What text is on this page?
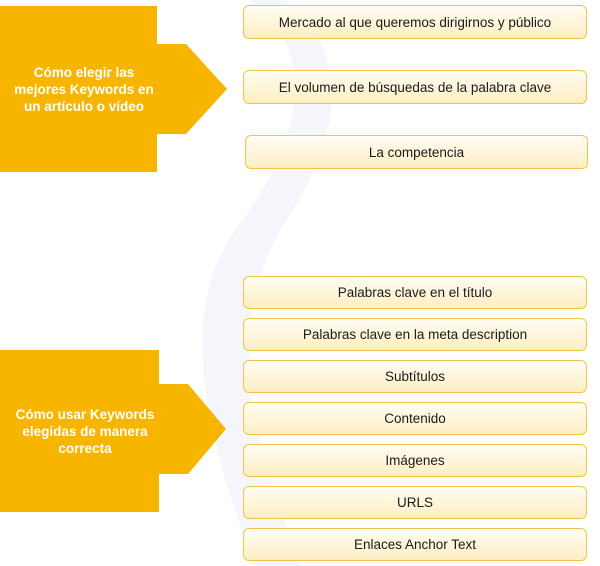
Cómo elegir las mejores Keywords en un artículo o vídeo
Mercado al que queremos dirigirnos y público
El volumen de búsquedas de la palabra clave
La competencia
Cómo usar Keywords elegidas de manera correcta
Palabras clave en el título
Palabras clave en la meta description
Subtítulos
Contenido
Imágenes
URLS
Enlaces Anchor Text
